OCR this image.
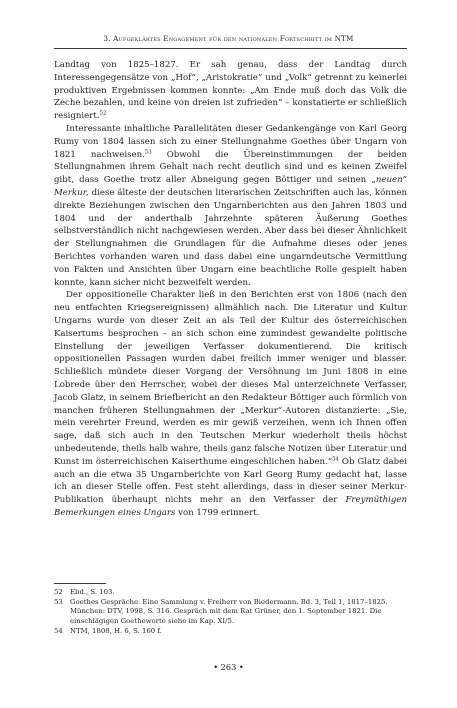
3. Aufgeklärtes Engagement für den nationalen Fortschritt im NTM

Landtag von 1825–1827. Er sah genau, dass der Landtag durch Interessengegensätze von „Hof“, „Aristokratie“ und „Volk“ getrennt zu keinerlei produktiven Ergebnissen kommen konnte: „Am Ende muß doch das Volk die Zeche bezahlen, und keine von dreien ist zufrieden“ – konstatierte er schließlich resigniert.$^{52}$

Interessante inhaltliche Parallelitäten dieser Gedankengänge von Karl Georg Rumy von 1804 lassen sich zu einer Stellungnahme Goethes über Ungarn von 1821 nachweisen.$^{53}$ Obwohl die Übereinstimmungen der beiden Stellungnahmen ihrem Gehalt nach recht deutlich sind und es keinen Zweifel gibt, dass Goethe trotz aller Abneigung gegen Böttiger und seinen „neuen“ Merkur, diese älteste der deutschen literarischen Zeitschriften auch las, können direkte Beziehungen zwischen den Ungarnberichten aus den Jahren 1803 und 1804 und der anderthalb Jahrzehnte späteren Äußerung Goethes selbstverständlich nicht nachgewiesen werden. Aber dass bei dieser Ähnlichkeit der Stellungnahmen die Grundlagen für die Aufnahme dieses oder jenes Berichtes vorhanden waren und dass dabei eine ungarndeutsche Vermittlung von Fakten und Ansichten über Ungarn eine beachtliche Rolle gespielt haben konnte, kann sicher nicht bezweifelt werden.

Der oppositionelle Charakter ließ in den Berichten erst von 1806 (nach den neu entfachten Kriegsereignissen) allmählich nach. Die Literatur und Kultur Ungarns wurde von dieser Zeit an als Teil der Kultur des österreichischen Kaisertums besprochen – an sich schon eine zumindest gewandelte politische Einstellung der jeweiligen Verfasser dokumentierend. Die kritisch oppositionellen Passagen wurden dabei freilich immer weniger und blasser. Schließlich mündete dieser Vorgang der Versöhnung im Juni 1808 in eine Lobrede über den Herrscher, wobei der dieses Mal unterzeichnete Verfasser, Jacob Glatz, in seinem Briefbericht an den Redakteur Böttiger auch förmlich von manchen früheren Stellungnahmen der „Merkur“-Autoren distanzierte: „Sie, mein verehrter Freund, werden es mir gewiß verzeihen, wenn ich Ihnen offen sage, daß sich auch in den Teutschen Merkur wiederholt theils höchst unbedeutende, theils halb wahre, theils ganz falsche Notizen über Literatur und Kunst im österreichischen Kaiserthume eingeschlichen haben.“$^{54}$ Ob Glatz dabei auch an die etwa 35 Ungarnberichte von Karl Georg Rumy gedacht hat, lasse ich an dieser Stelle offen. Fest steht allerdings, dass in dieser seiner Merkur-Publikation überhaupt nichts mehr an den Verfasser der Freymüthigen Bemerkungen eines Ungars von 1799 erinnert.

52 Ebd., S. 103.
53 Goethes Gespräche. Eine Sammlung v. Freiherr von Biedermann. Bd. 3, Teil 1, 1817–1825. München: DTV, 1998, S. 316. Gespräch mit dem Rat Grüner, den 1. September 1821. Die einschlägigen Goetheworte siehe im Kap. XI/5.
54 NTM, 1808, H. 6, S. 160 f.
• 263 •
